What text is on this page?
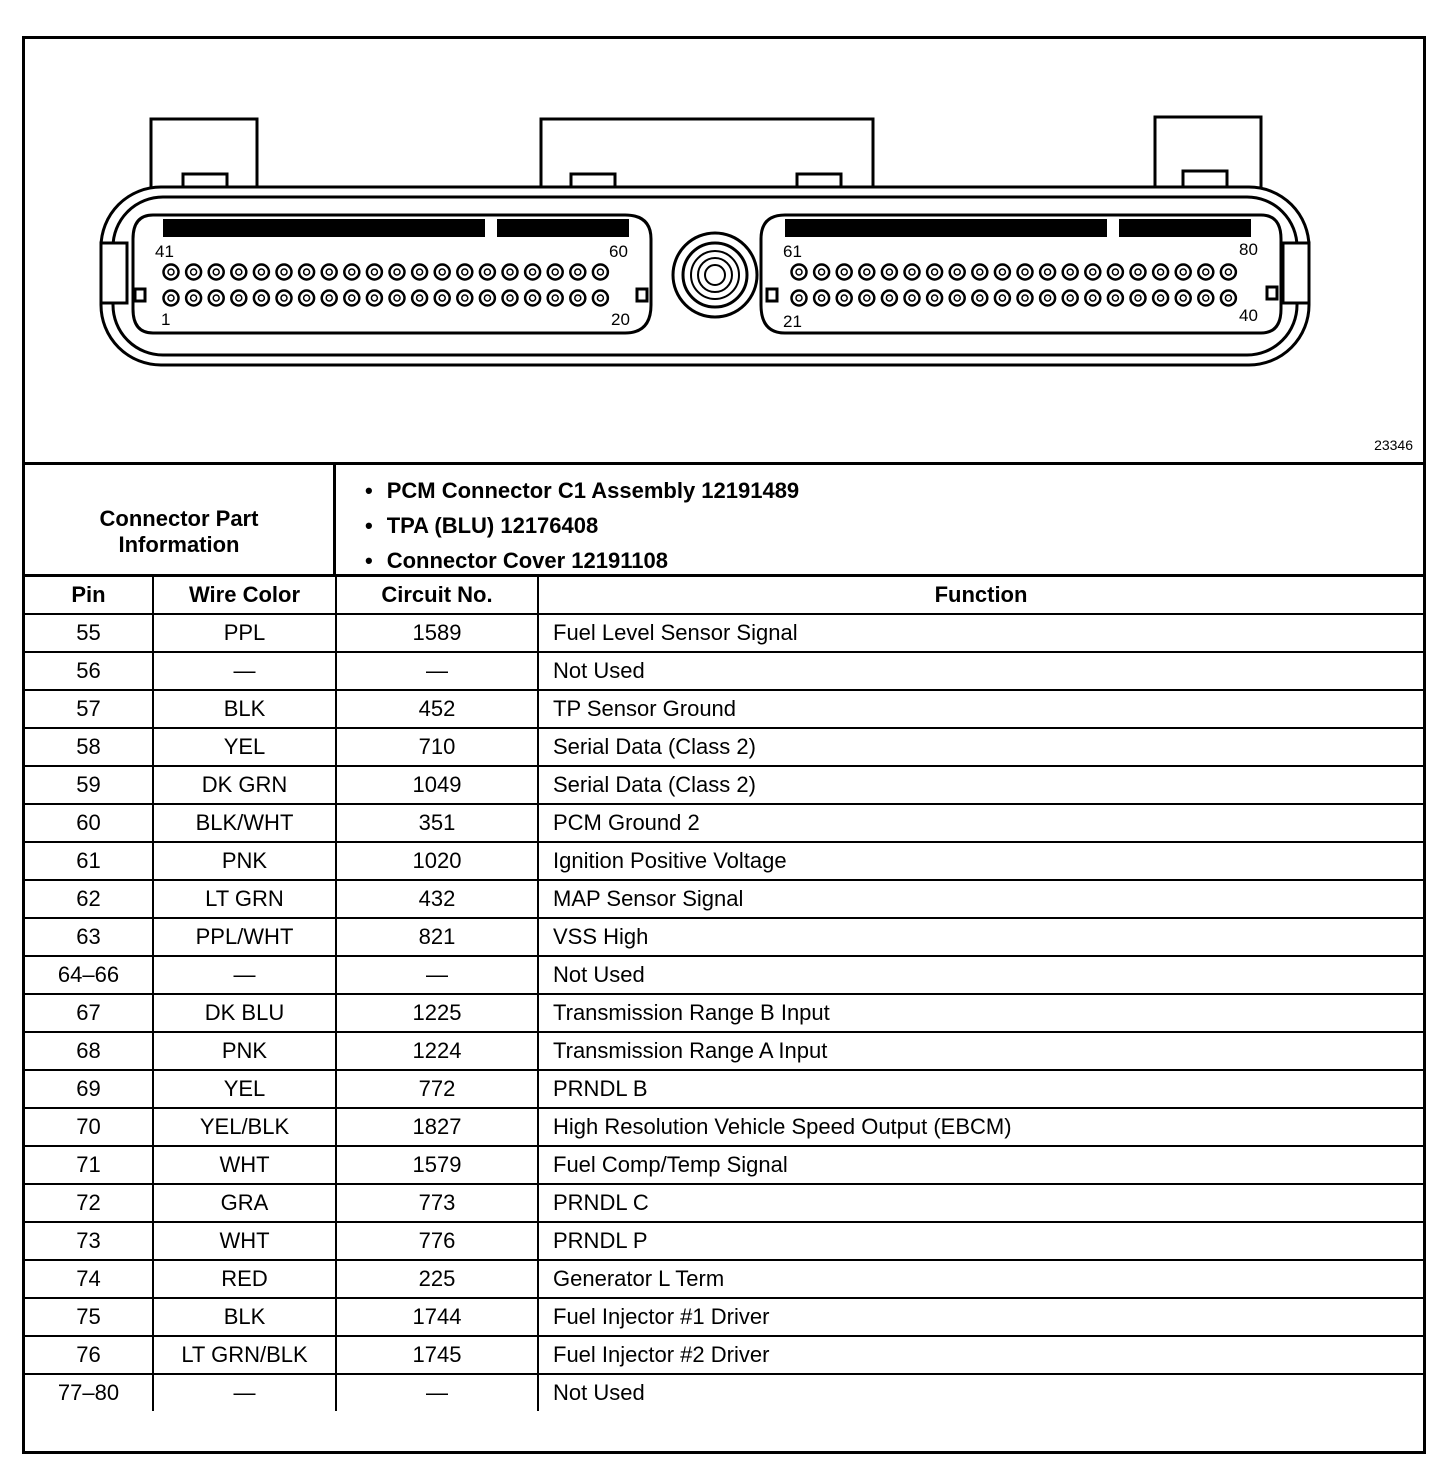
41	60
1	20
61	80
21	40
23346
Connector Part
Information
• PCM Connector C1 Assembly 12191489
• TPA (BLU) 12176408
• Connector Cover 12191108
Pin	Wire Color	Circuit No.	Function
55	PPL	1589	Fuel Level Sensor Signal
56	—	—	Not Used
57	BLK	452	TP Sensor Ground
58	YEL	710	Serial Data (Class 2)
59	DK GRN	1049	Serial Data (Class 2)
60	BLK/WHT	351	PCM Ground 2
61	PNK	1020	Ignition Positive Voltage
62	LT GRN	432	MAP Sensor Signal
63	PPL/WHT	821	VSS High
64–66	—	—	Not Used
67	DK BLU	1225	Transmission Range B Input
68	PNK	1224	Transmission Range A Input
69	YEL	772	PRNDL B
70	YEL/BLK	1827	High Resolution Vehicle Speed Output (EBCM)
71	WHT	1579	Fuel Comp/Temp Signal
72	GRA	773	PRNDL C
73	WHT	776	PRNDL P
74	RED	225	Generator L Term
75	BLK	1744	Fuel Injector #1 Driver
76	LT GRN/BLK	1745	Fuel Injector #2 Driver
77–80	—	—	Not Used
